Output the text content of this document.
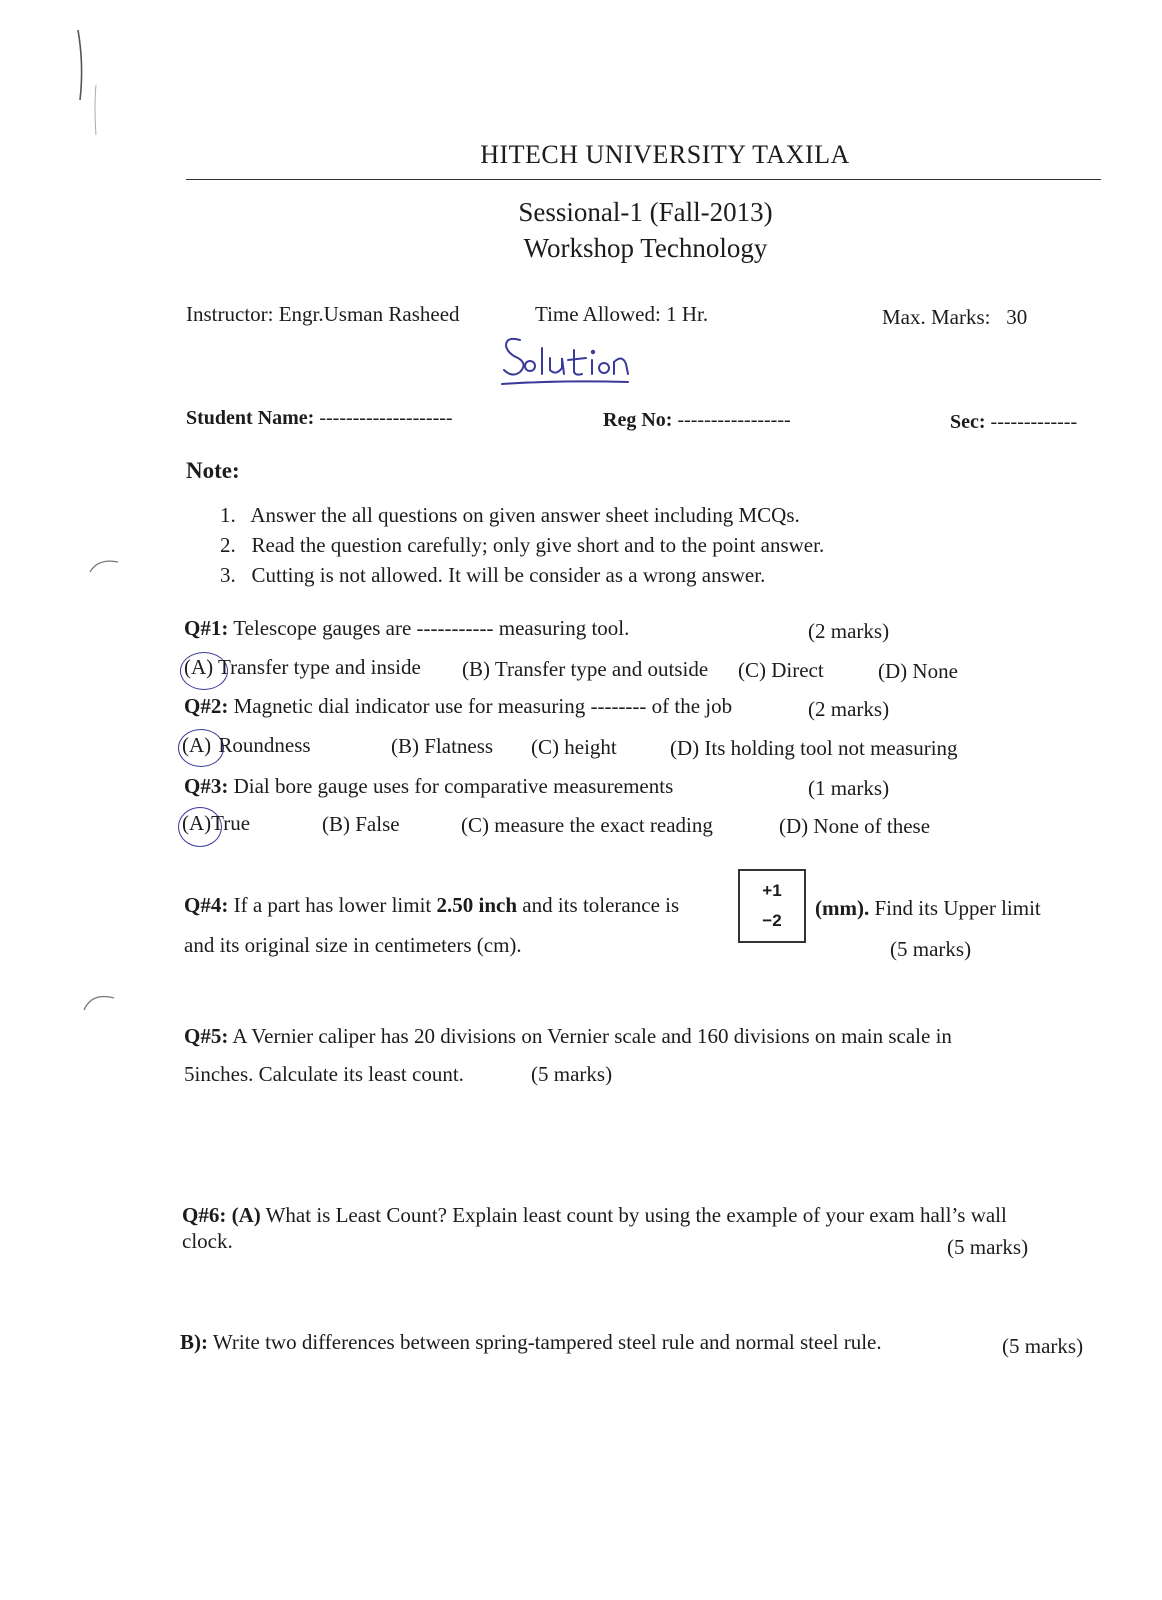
HITECH UNIVERSITY TAXILA
Sessional-1 (Fall-2013)
Workshop Technology
Instructor: Engr.Usman Rasheed	Time Allowed: 1 Hr.	Max. Marks:   30
Student Name: --------------------	Reg No: -----------------	Sec: -------------
Note:
1.   Answer the all questions on given answer sheet including MCQs.
2.   Read the question carefully; only give short and to the point answer.
3.   Cutting is not allowed. It will be consider as a wrong answer.
Q#1: Telescope gauges are ----------- measuring tool.	(2 marks)
(A) Transfer type and inside (B) Transfer type and outside (C) Direct	(D) None
Q#2: Magnetic dial indicator use for measuring -------- of the job	(2 marks)
(A) Roundness	(B) Flatness (C) height	(D) Its holding tool not measuring
Q#3: Dial bore gauge uses for comparative measurements	(1 marks)
(A)True	(B) False	(C) measure the exact reading	(D) None of these
Q#4: If a part has lower limit 2.50 inch and its tolerance is
+1
−2
(mm). Find its Upper limit
and its original size in centimeters (cm).	(5 marks)
Q#5: A Vernier caliper has 20 divisions on Vernier scale and 160 divisions on main scale in
5inches. Calculate its least count.	(5 marks)
Q#6: (A) What is Least Count? Explain least count by using the example of your exam hall’s wall
clock.	(5 marks)
B): Write two differences between spring-tampered steel rule and normal steel rule.	(5 marks)
